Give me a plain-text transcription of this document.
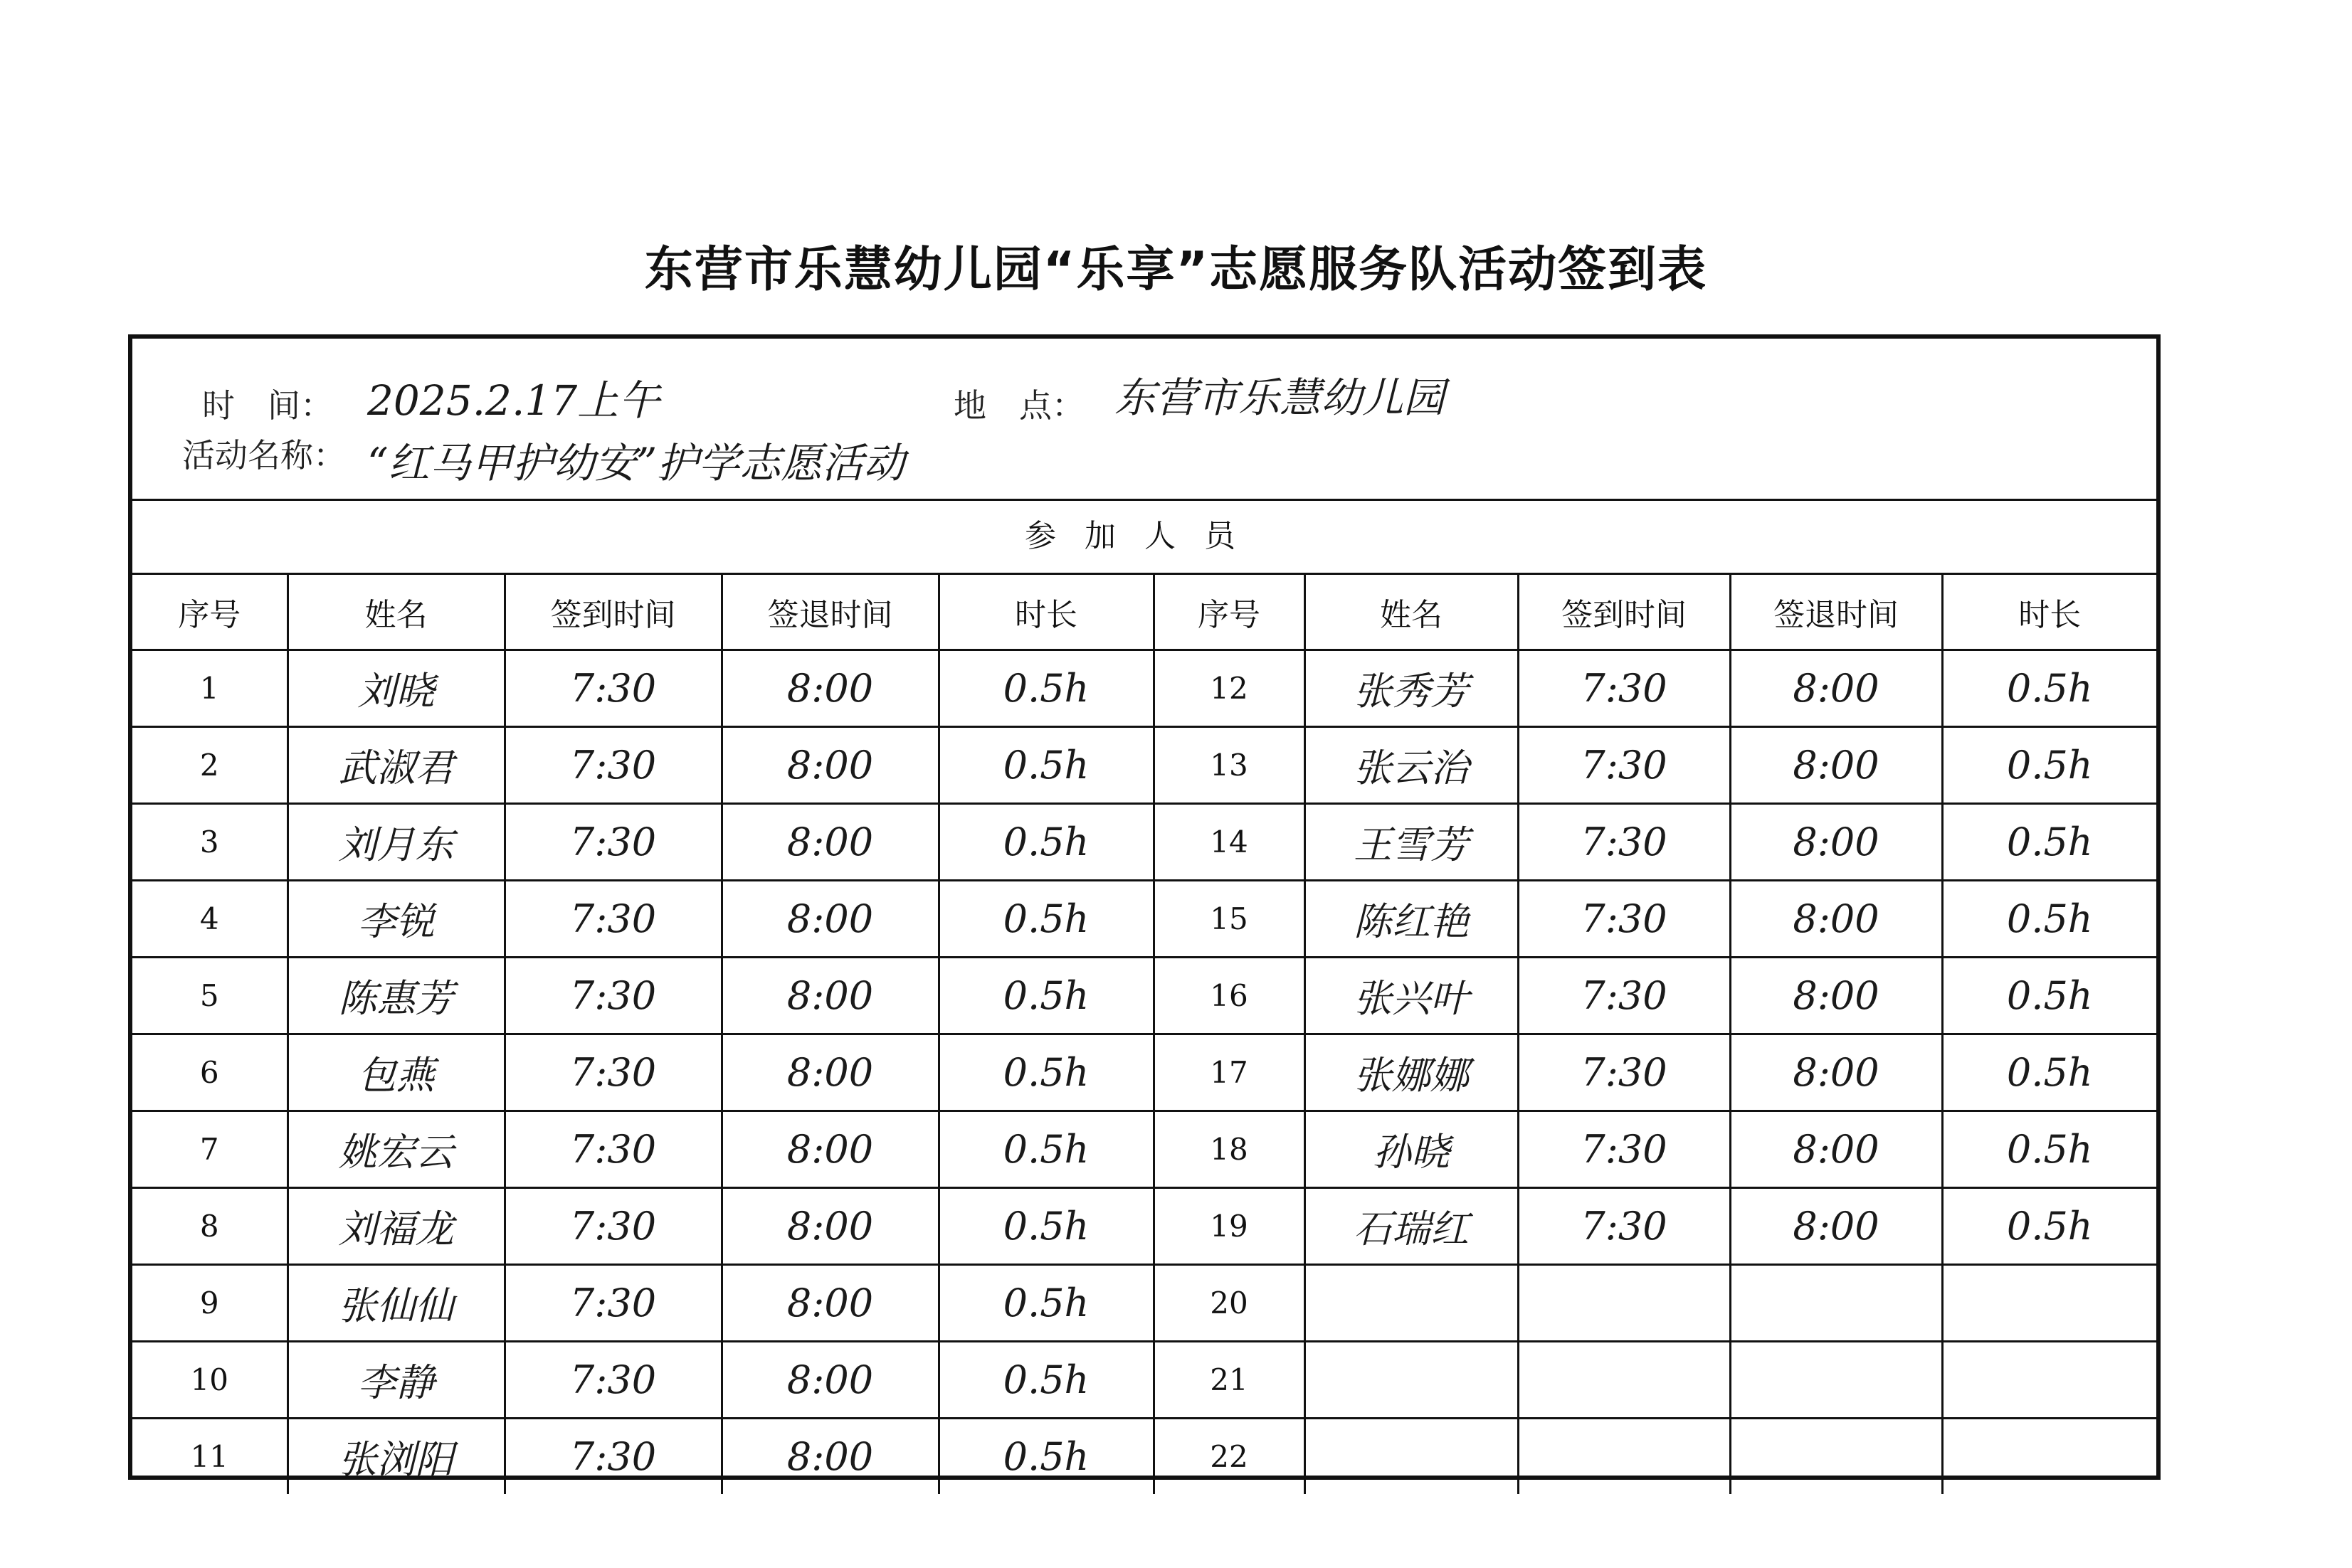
东营市乐慧幼儿园“乐享”志愿服务队活动签到表
时　间： 2025.2.17上午	地　点： 东营市乐慧幼儿园
活动名称： “红马甲护幼安”护学志愿活动
参加人员
序号	姓名	签到时间	签退时间	时长	序号	姓名	签到时间	签退时间	时长
1	刘晓	7:30	8:00	0.5h	12	张秀芳	7:30	8:00	0.5h
2	武淑君	7:30	8:00	0.5h	13	张云治	7:30	8:00	0.5h
3	刘月东	7:30	8:00	0.5h	14	王雪芳	7:30	8:00	0.5h
4	李锐	7:30	8:00	0.5h	15	陈红艳	7:30	8:00	0.5h
5	陈惠芳	7:30	8:00	0.5h	16	张兴叶	7:30	8:00	0.5h
6	包燕	7:30	8:00	0.5h	17	张娜娜	7:30	8:00	0.5h
7	姚宏云	7:30	8:00	0.5h	18	孙晓	7:30	8:00	0.5h
8	刘福龙	7:30	8:00	0.5h	19	石瑞红	7:30	8:00	0.5h
9	张仙仙	7:30	8:00	0.5h	20				
10	李静	7:30	8:00	0.5h	21				
11	张浏阳	7:30	8:00	0.5h	22				
